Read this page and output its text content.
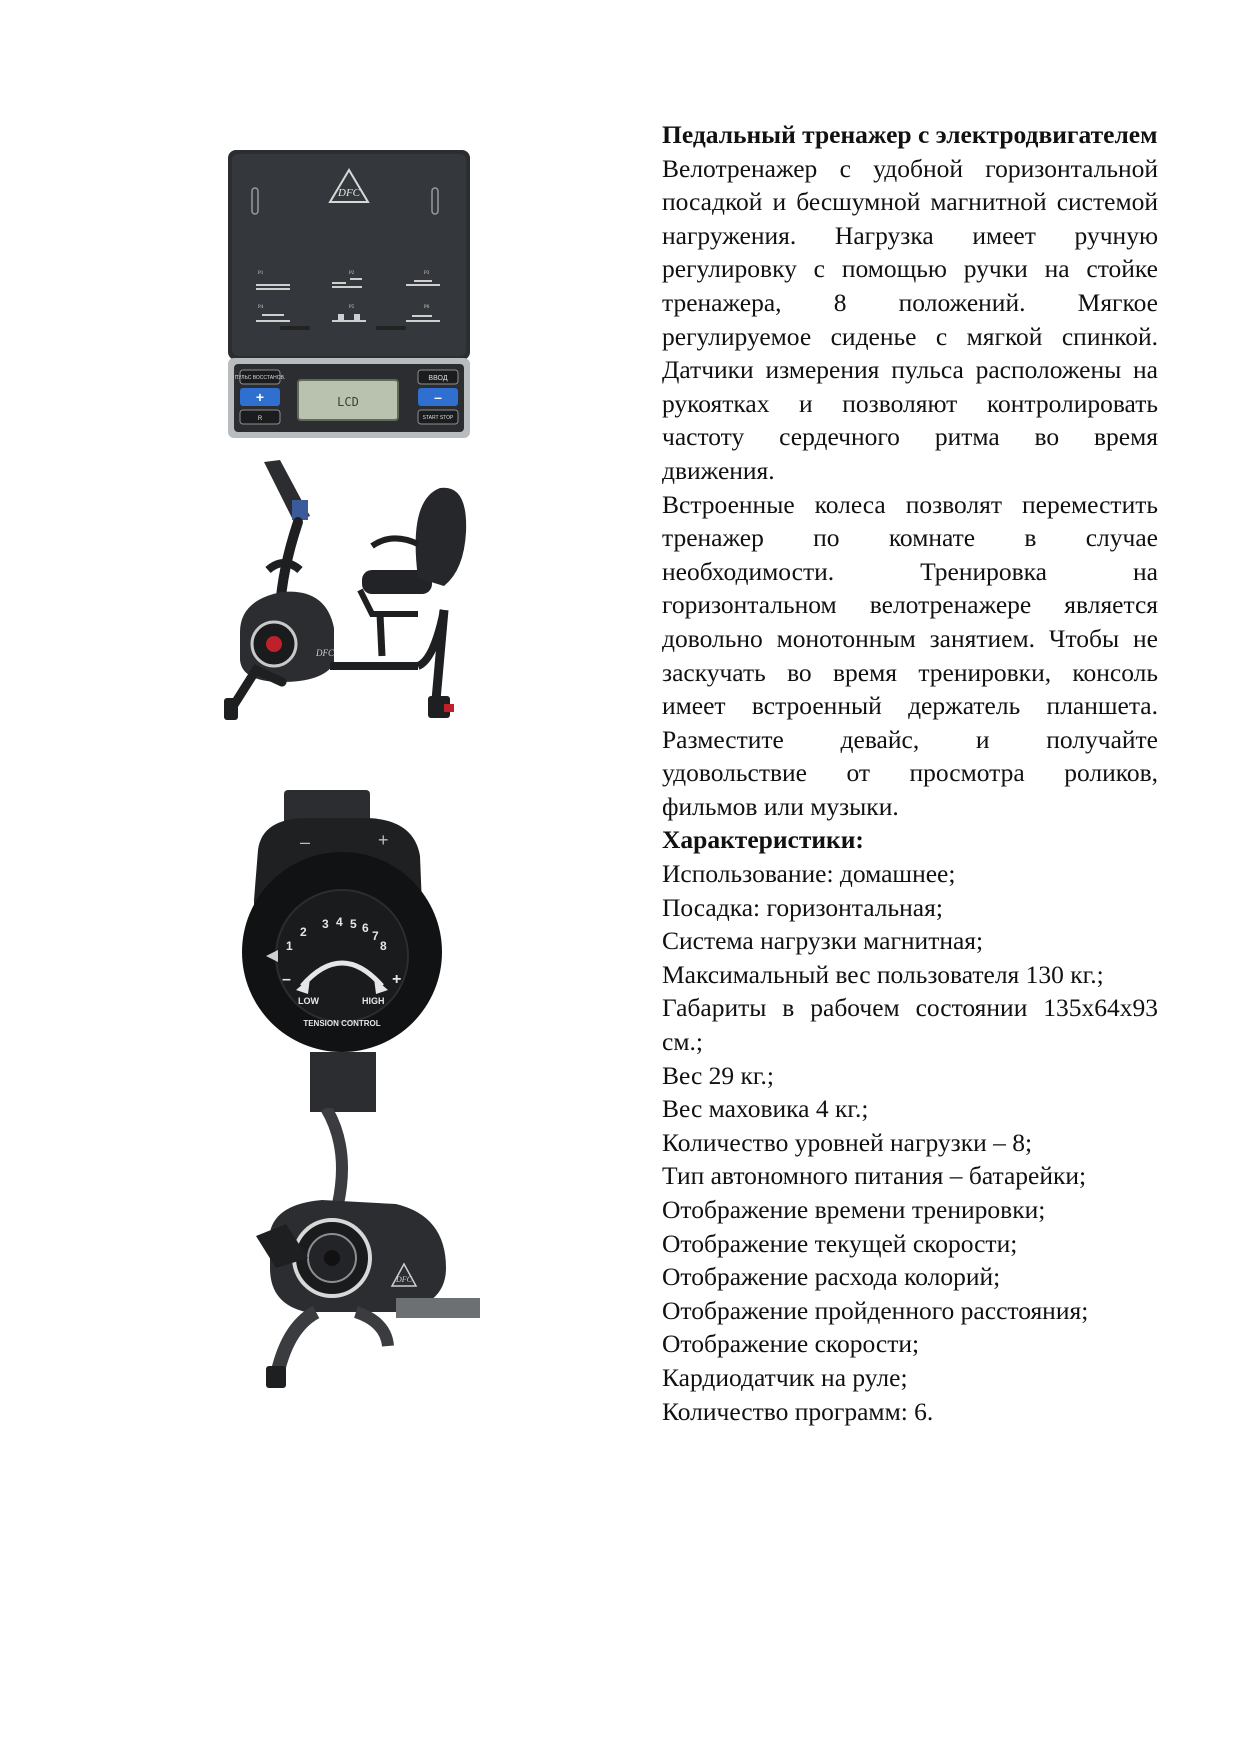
DFC
P1	P2	P3
P4	P5	P6
ПУЛЬС ВОССТАНОВ.	ВВОД
+	–
R	START STOP
LCD
DFC
–	+
1
2
3 4 5 6
7
8
–	+
LOW	HIGH
TENSION CONTROL
DFC

Педальный тренажер с электродвигателем

Велотренажер с удобной горизонтальной посадкой и бесшумной магнитной системой нагружения. Нагрузка имеет ручную регулировку с помощью ручки на стойке тренажера, 8 положений. Мягкое регулируемое сиденье с мягкой спинкой. Датчики измерения пульса расположены на рукоятках и позволяют контролировать частоту сердечного ритма во время движения.

Встроенные колеса позволят переместить тренажер по комнате в случае необходимости. Тренировка на горизонтальном велотренажере является довольно монотонным занятием. Чтобы не заскучать во время тренировки, консоль имеет встроенный держатель планшета. Разместите девайс, и получайте удовольствие от просмотра роликов, фильмов или музыки.

Характеристики:

Использование: домашнее;
Посадка: горизонтальная;
Система нагрузки магнитная;
Максимальный вес пользователя 130 кг.;
Габариты в рабочем состоянии 135х64х93 см.;
Вес 29 кг.;
Вес маховика 4 кг.;
Количество уровней нагрузки – 8;
Тип автономного питания – батарейки;
Отображение времени тренировки;
Отображение текущей скорости;
Отображение расхода колорий;
Отображение пройденного расстояния;
Отображение скорости;
Кардиодатчик на руле;
Количество программ: 6.
